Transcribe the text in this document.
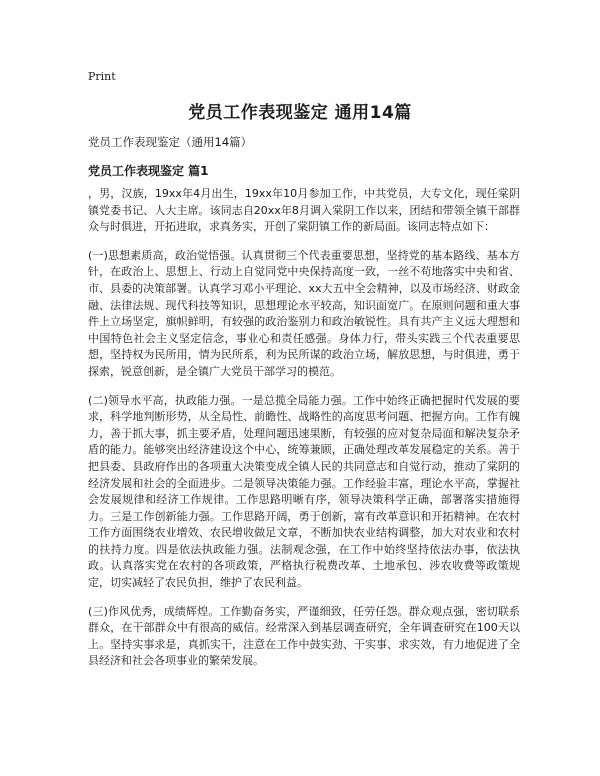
Print
党员工作表现鉴定 通用14篇

党员工作表现鉴定（通用14篇）

党员工作表现鉴定 篇1

，男，汉族，19xx年4月出生，19xx年10月参加工作，中共党员，大专文化，现任棠阴镇党委书记、人大主席。该同志自20xx年8月调入棠阴工作以来，团结和带领全镇干部群众与时俱进，开拓进取，求真务实，开创了棠阴镇工作的新局面。该同志特点如下：

(一)思想素质高，政治觉悟强。认真贯彻三个代表重要思想，坚持党的基本路线、基本方针，在政治上、思想上、行动上自觉同党中央保持高度一致，一丝不苟地落实中央和省、市、县委的决策部署。认真学习邓小平理论、xx大五中全会精神，以及市场经济、财政金融、法律法规、现代科技等知识，思想理论水平较高，知识面宽广。在原则问题和重大事件上立场坚定，旗帜鲜明，有较强的政治鉴别力和政治敏锐性。具有共产主义远大理想和中国特色社会主义坚定信念，事业心和责任感强。身体力行，带头实践三个代表重要思想，坚持权为民所用，情为民所系，利为民所谋的政治立场，解放思想，与时俱进，勇于探索，锐意创新，是全镇广大党员干部学习的模范。

(二)领导水平高，执政能力强。一是总揽全局能力强。工作中始终正确把握时代发展的要求，科学地判断形势，从全局性、前瞻性、战略性的高度思考问题、把握方向。工作有魄力，善于抓大事，抓主要矛盾，处理问题迅速果断，有较强的应对复杂局面和解决复杂矛盾的能力。能够突出经济建设这个中心，统筹兼顾，正确处理改革发展稳定的关系。善于把县委、县政府作出的各项重大决策变成全镇人民的共同意志和自觉行动，推动了棠阴的经济发展和社会的全面进步。二是领导决策能力强。工作经验丰富，理论水平高，掌握社会发展规律和经济工作规律。工作思路明晰有序，领导决策科学正确，部署落实措施得力。三是工作创新能力强。工作思路开阔，勇于创新，富有改革意识和开拓精神。在农村工作方面围绕农业增效、农民增收做足文章，不断加快农业结构调整，加大对农业和农村的扶持力度。四是依法执政能力强。法制观念强，在工作中始终坚持依法办事，依法执政。认真落实党在农村的各项政策，严格执行税费改革、土地承包、涉农收费等政策规定，切实减轻了农民负担，维护了农民利益。

(三)作风优秀，成绩辉煌。工作勤奋务实，严谨细致，任劳任怨。群众观点强，密切联系群众，在干部群众中有很高的威信。经常深入到基层调查研究，全年调查研究在100天以上。坚持实事求是，真抓实干，注意在工作中鼓实劲、干实事、求实效，有力地促进了全县经济和社会各项事业的繁荣发展。
